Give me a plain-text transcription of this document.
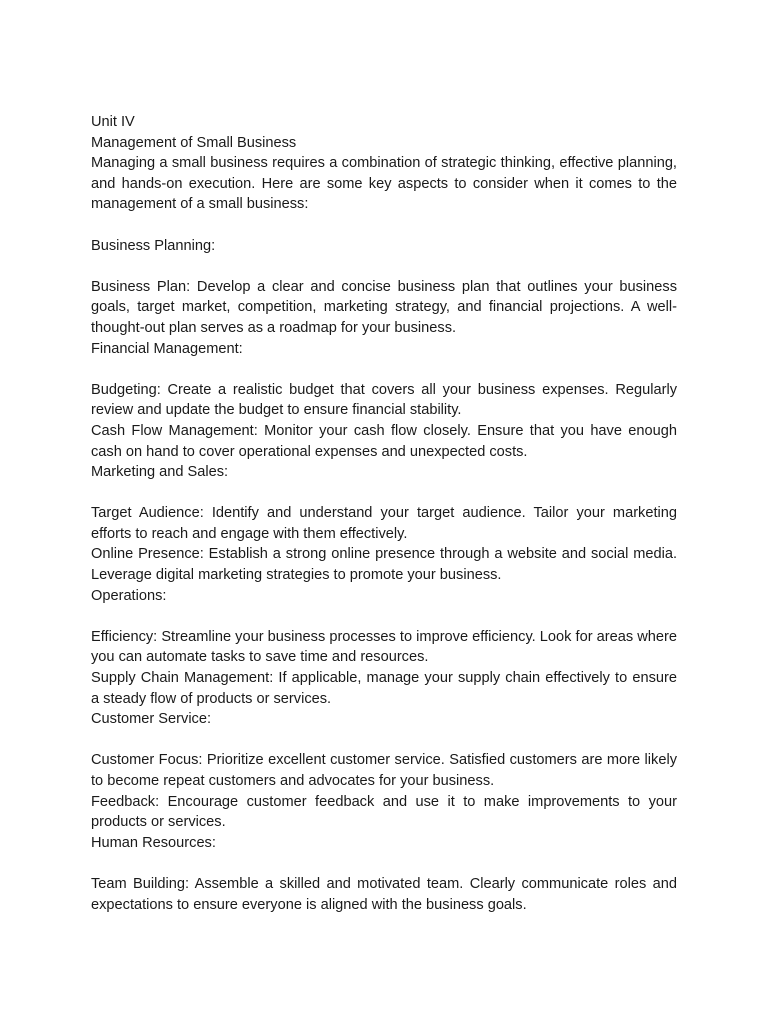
Unit IV

Management of Small Business

Managing a small business requires a combination of strategic thinking, effective planning, and hands-on execution. Here are some key aspects to consider when it comes to the management of a small business:

Business Planning:

Business Plan: Develop a clear and concise business plan that outlines your business goals, target market, competition, marketing strategy, and financial projections. A well-thought-out plan serves as a roadmap for your business.

Financial Management:

Budgeting: Create a realistic budget that covers all your business expenses. Regularly review and update the budget to ensure financial stability.

Cash Flow Management: Monitor your cash flow closely. Ensure that you have enough cash on hand to cover operational expenses and unexpected costs.

Marketing and Sales:

Target Audience: Identify and understand your target audience. Tailor your marketing efforts to reach and engage with them effectively.

Online Presence: Establish a strong online presence through a website and social media. Leverage digital marketing strategies to promote your business.

Operations:

Efficiency: Streamline your business processes to improve efficiency. Look for areas where you can automate tasks to save time and resources.

Supply Chain Management: If applicable, manage your supply chain effectively to ensure a steady flow of products or services.

Customer Service:

Customer Focus: Prioritize excellent customer service. Satisfied customers are more likely to become repeat customers and advocates for your business.

Feedback: Encourage customer feedback and use it to make improvements to your products or services.

Human Resources:

Team Building: Assemble a skilled and motivated team. Clearly communicate roles and expectations to ensure everyone is aligned with the business goals.
